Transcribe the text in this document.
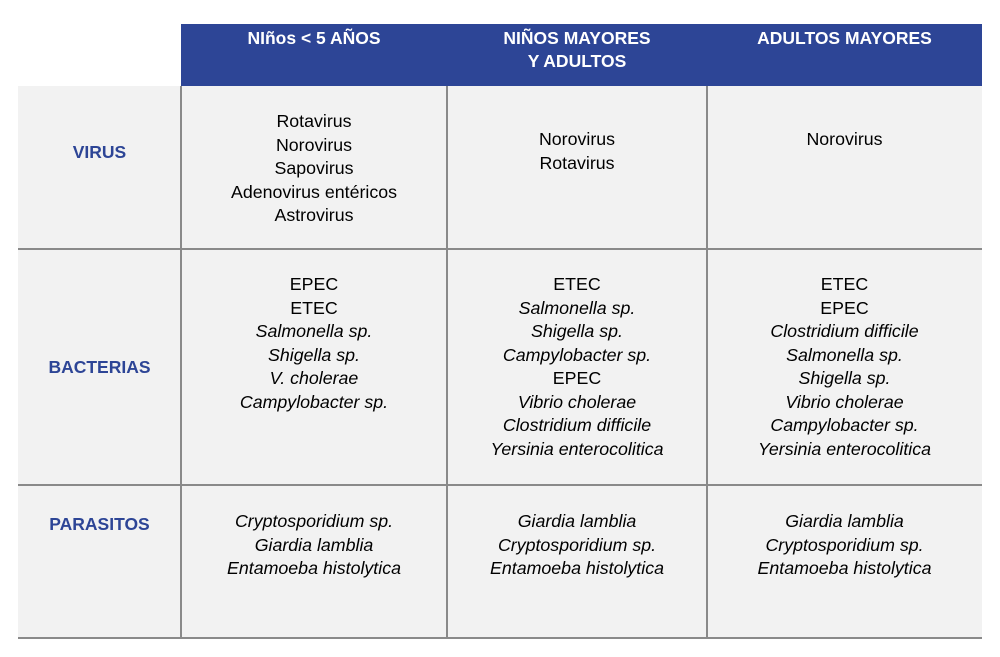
NIños < 5 AÑOS	NIÑOS MAYORES
Y ADULTOS
ADULTOS MAYORES
VIRUS
BACTERIAS
PARASITOS
Rotavirus
Norovirus
Sapovirus
Adenovirus entéricos
Astrovirus
Norovirus
Rotavirus
Norovirus
EPEC
ETEC
Salmonella sp.
Shigella sp.
V. cholerae
Campylobacter sp.
ETEC
Salmonella sp.
Shigella sp.
Campylobacter sp.
EPEC
Vibrio cholerae
Clostridium difficile
Yersinia enterocolitica
ETEC
EPEC
Clostridium difficile
Salmonella sp.
Shigella sp.
Vibrio cholerae
Campylobacter sp.
Yersinia enterocolitica
Cryptosporidium sp.
Giardia lamblia
Entamoeba histolytica
Giardia lamblia
Cryptosporidium sp.
Entamoeba histolytica
Giardia lamblia
Cryptosporidium sp.
Entamoeba histolytica
